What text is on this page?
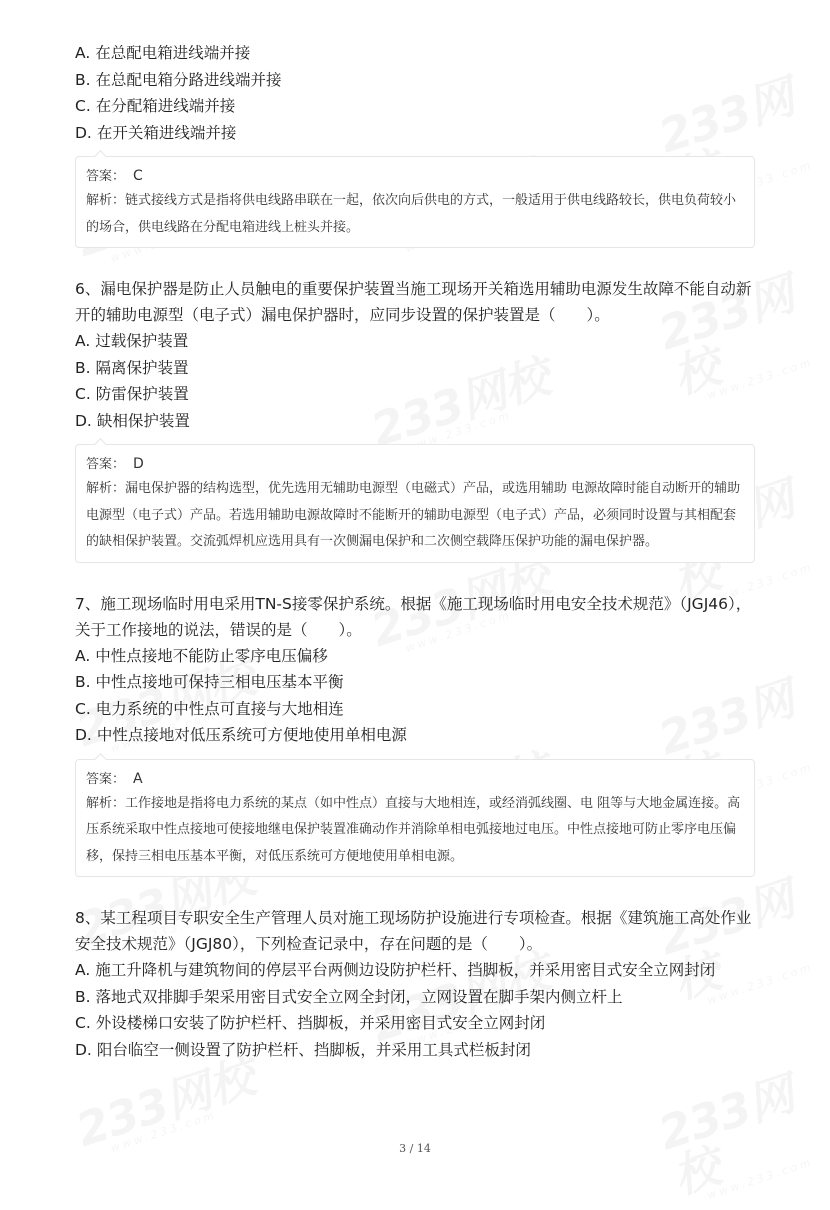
A. 在总配电箱进线端并接

B. 在总配电箱分路进线端并接

C. 在分配箱进线端并接

D. 在开关箱进线端并接

答案： C

解析：链式接线方式是指将供电线路串联在一起，依次向后供电的方式，一般适用于供电线路较长，供电负荷较小的场合，供电线路在分配电箱进线上桩头并接。

6、漏电保护器是防止人员触电的重要保护装置当施工现场开关箱选用辅助电源发生故障不能自动新开的辅助电源型（电子式）漏电保护器时，应同步设置的保护装置是（　　）。

A. 过载保护装置

B. 隔离保护装置

C. 防雷保护装置

D. 缺相保护装置

答案： D

解析：漏电保护器的结构选型，优先选用无辅助电源型（电磁式）产品，或选用辅助 电源故障时能自动断开的辅助电源型（电子式）产品。若选用辅助电源故障时不能断开的辅助电源型（电子式）产品，必须同时设置与其相配套的缺相保护装置。交流弧焊机应选用具有一次侧漏电保护和二次侧空载降压保护功能的漏电保护器。

7、施工现场临时用电采用TN-S接零保护系统。根据《施工现场临时用电安全技术规范》（JGJ46），关于工作接地的说法，错误的是（　　）。

A. 中性点接地不能防止零序电压偏移

B. 中性点接地可保持三相电压基本平衡

C. 电力系统的中性点可直接与大地相连

D. 中性点接地对低压系统可方便地使用单相电源

答案： A

解析：工作接地是指将电力系统的某点（如中性点）直接与大地相连，或经消弧线圈、电 阻等与大地金属连接。高压系统采取中性点接地可使接地继电保护装置准确动作并消除单相电弧接地过电压。中性点接地可防止零序电压偏移，保持三相电压基本平衡，对低压系统可方便地使用单相电源。

8、某工程项目专职安全生产管理人员对施工现场防护设施进行专项检查。根据《建筑施工高处作业安全技术规范》（JGJ80），下列检查记录中，存在问题的是（　　）。

A. 施工升降机与建筑物间的停层平台两侧边设防护栏杆、挡脚板，并采用密目式安全立网封闭

B. 落地式双排脚手架采用密目式安全立网全封闭，立网设置在脚手架内侧立杆上

C. 外设楼梯口安装了防护栏杆、挡脚板，并采用密目式安全立网封闭

D. 阳台临空一侧设置了防护栏杆、挡脚板，并采用工具式栏板封闭

3 / 14
